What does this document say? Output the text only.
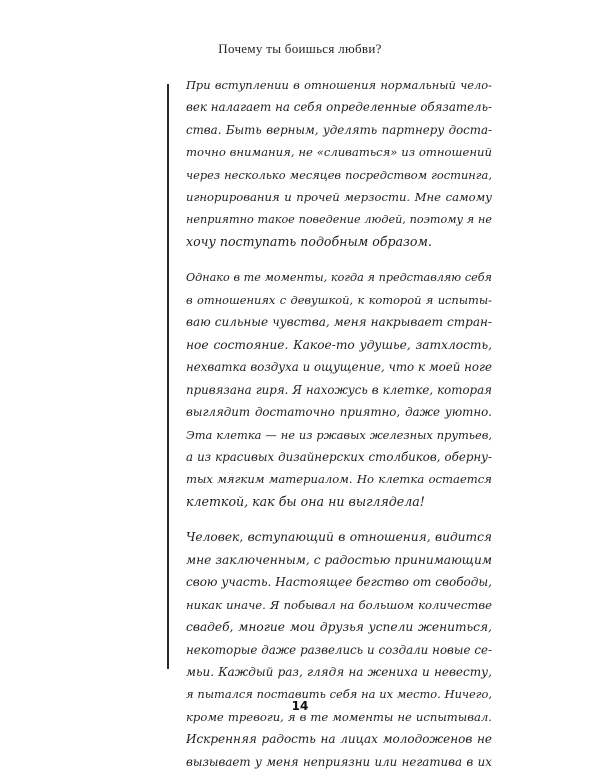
Почему ты боишься любви?
При вступлении в отношения нормальный чело-
век налагает на себя определенные обязатель-
ства. Быть верным, уделять партнеру доста-
точно внимания, не «сливаться» из отношений
через несколько месяцев посредством гостинга,
игнорирования и прочей мерзости. Мне самому
неприятно такое поведение людей, поэтому я не
хочу поступать подобным образом.
Однако в те моменты, когда я представляю себя
в отношениях с девушкой, к которой я испыты-
ваю сильные чувства, меня накрывает стран-
ное состояние. Какое-то удушье, затхлость,
нехватка воздуха и ощущение, что к моей ноге
привязана гиря. Я нахожусь в клетке, которая
выглядит достаточно приятно, даже уютно.
Эта клетка — не из ржавых железных прутьев,
а из красивых дизайнерских столбиков, оберну-
тых мягким материалом. Но клетка остается
клеткой, как бы она ни выглядела!
Человек, вступающий в отношения, видится
мне заключенным, с радостью принимающим
свою участь. Настоящее бегство от свободы,
никак иначе. Я побывал на большом количестве
свадеб, многие мои друзья успели жениться,
некоторые даже развелись и создали новые се-
мьи. Каждый раз, глядя на жениха и невесту,
я пытался поставить себя на их место. Ничего,
кроме тревоги, я в те моменты не испытывал.
Искренняя радость на лицах молодоженов не
вызывает у меня неприязни или негатива в их
14
